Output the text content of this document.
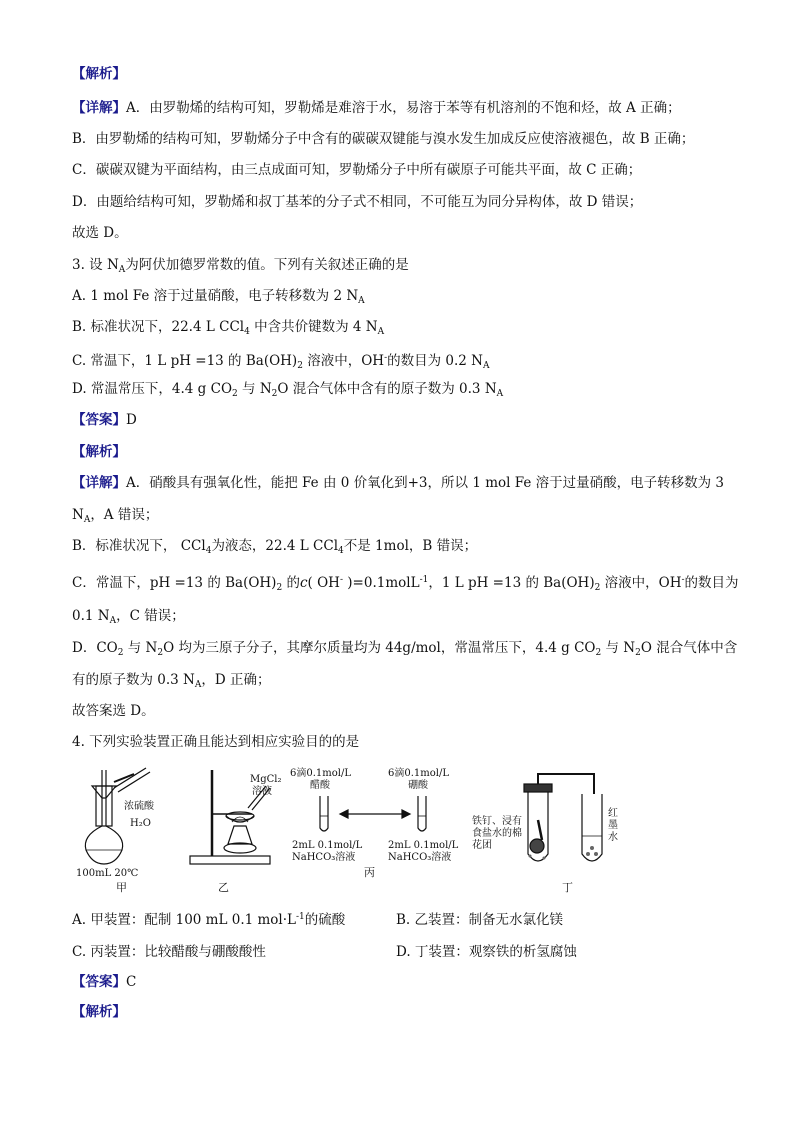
【解析】
【详解】A．由罗勒烯的结构可知，罗勒烯是难溶于水，易溶于苯等有机溶剂的不饱和烃，故 A 正确；
B．由罗勒烯的结构可知，罗勒烯分子中含有的碳碳双键能与溴水发生加成反应使溶液褪色，故 B 正确；
C．碳碳双键为平面结构，由三点成面可知，罗勒烯分子中所有碳原子可能共平面，故 C 正确；
D．由题给结构可知，罗勒烯和叔丁基苯的分子式不相同，不可能互为同分异构体，故 D 错误；
故选 D。
3. 设 $N_A$为阿伏加德罗常数的值。下列有关叙述正确的是
A. 1 mol Fe 溶于过量硝酸，电子转移数为 2 $N_A$
B. 标准状况下，22.4 L CCl$_4$ 中含共价键数为 4 $N_A$
C. 常温下，1 L pH =13 的 $Ba(OH)_2$ 溶液中，OH-的数目为 0.2 $N_A$
D. 常温常压下，4.4 g $CO_2$ 与 $N_2O$ 混合气体中含有的原子数为 0.3 $N_A$
【答案】D
【解析】
【详解】A．硝酸具有强氧化性，能把 Fe 由 0 价氧化到+3，所以 1 mol Fe 溶于过量硝酸，电子转移数为 3
$N_A$，A 错误；
B．标准状况下， CCl$_4$为液态，22.4 L CCl$_4$不是 1mol，B 错误；
C．常温下，pH =13 的 $Ba(OH)_2$ 的c( OH- )=0.1molL$^{-1}$，1 L pH =13 的 $Ba(OH)_2$ 溶液中，OH-的数目为
0.1 $N_A$，C 错误；
D．$CO_2$ 与 $N_2O$ 均为三原子分子，其摩尔质量均为 44g/mol，常温常压下，4.4 g $CO_2$ 与 $N_2O$ 混合气体中含
有的原子数为 0.3 $N_A$，D 正确；
故答案选 D。
4. 下列实验装置正确且能达到相应实验目的的是
浓硫酸
H₂O
100mL 20℃
甲
MgCl₂
溶液
乙
6滴0.1mol/L
醋酸
2mL 0.1mol/L
NaHCO₃溶液
6滴0.1mol/L
硼酸
2mL 0.1mol/L
NaHCO₃溶液
丙
铁钉、浸有
食盐水的棉
花团
红
墨
水
丁
A. 甲装置：配制 100 mL 0.1 $mol\cdot L^{-1}$的硫酸	B. 乙装置：制备无水氯化镁
C. 丙装置：比较醋酸与硼酸酸性	D. 丁装置：观察铁的析氢腐蚀
【答案】C
【解析】
